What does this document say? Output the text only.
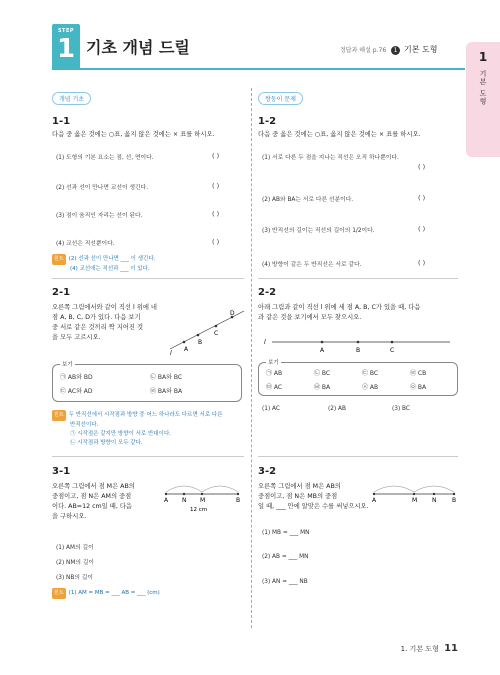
STEP
1 기초 개념 드릴	정답과 해설 p.76 1 기본 도형
1
기본 도형
개념 기초	쌍둥이 문제
1-1
다음 중 옳은 것에는 ○표, 옳지 않은 것에는 × 표를 하시오.
(1) 도형의 기본 요소는 점, 선, 면이다.	( )
(2) 선과 선이 만나면 교선이 생긴다.	( )
(3) 점이 움직인 자리는 선이 된다.	( )
(4) 교선은 직선뿐이다.	( )
힌트 (2) 선과 선이 만나면 ___ 이 생긴다.
(4) 교선에는 직선과 ___ 이 있다.
1-2
다음 중 옳은 것에는 ○표, 옳지 않은 것에는 × 표를 하시오.
(1) 서로 다른 두 점을 지나는 직선은 오직 하나뿐이다.
( )
(2) AB와 BA는 서로 다른 선분이다.	( )
(3) 반직선의 길이는 직선의 길이의 1/2이다.	( )
(4) 방향이 같은 두 반직선은 서로 같다.	( )
2-1
오른쪽 그림에서와 같이 직선 l 위에 네
점 A, B, C, D가 있다. 다음 보기
중 서로 같은 것끼리 짝 지어진 것
을 모두 고르시오.
A
B
C
D
l
보기
㉠ AB와 BD	㉡ BA와 BC
㉢ AC와 AD	㉣ BA와 BA
힌트 두 반직선에서 시작점과 방향 중 어느 하나라도 다르면 서로 다른
반직선이다.
㉠ 시작점은 같지만 방향이 서로 반대이다.
㉡ 시작점과 방향이 모두 같다.
2-2
아래 그림과 같이 직선 l 위에 세 점 A, B, C가 있을 때, 다음
과 같은 것을 보기에서 모두 찾으시오.
A	B	C
l
보기
㉠ AB	㉡ BC	㉢ BC	㉣ CB
㉤ AC	㉥ BA	㉦ AB	㉧ BA
(1) AC	(2) AB	(3) BC
3-1
오른쪽 그림에서 점 M은 AB의
중점이고, 점 N은 AM의 중점
이다. AB=12 cm일 때, 다음
을 구하시오.
A N M	B
12 cm
(1) AM의 길이
(2) NM의 길이
(3) NB의 길이
힌트 (1) AM = MB = ___ AB = ___ (cm)
3-2
오른쪽 그림에서 점 M은 AB의
중점이고, 점 N은 MB의 중점
일 때, ___ 안에 알맞은 수를 써넣으시오.
A	M N	B
(1) MB = ___ MN
(2) AB = ___ MN
(3) AN = ___ NB
1. 기본 도형 11
